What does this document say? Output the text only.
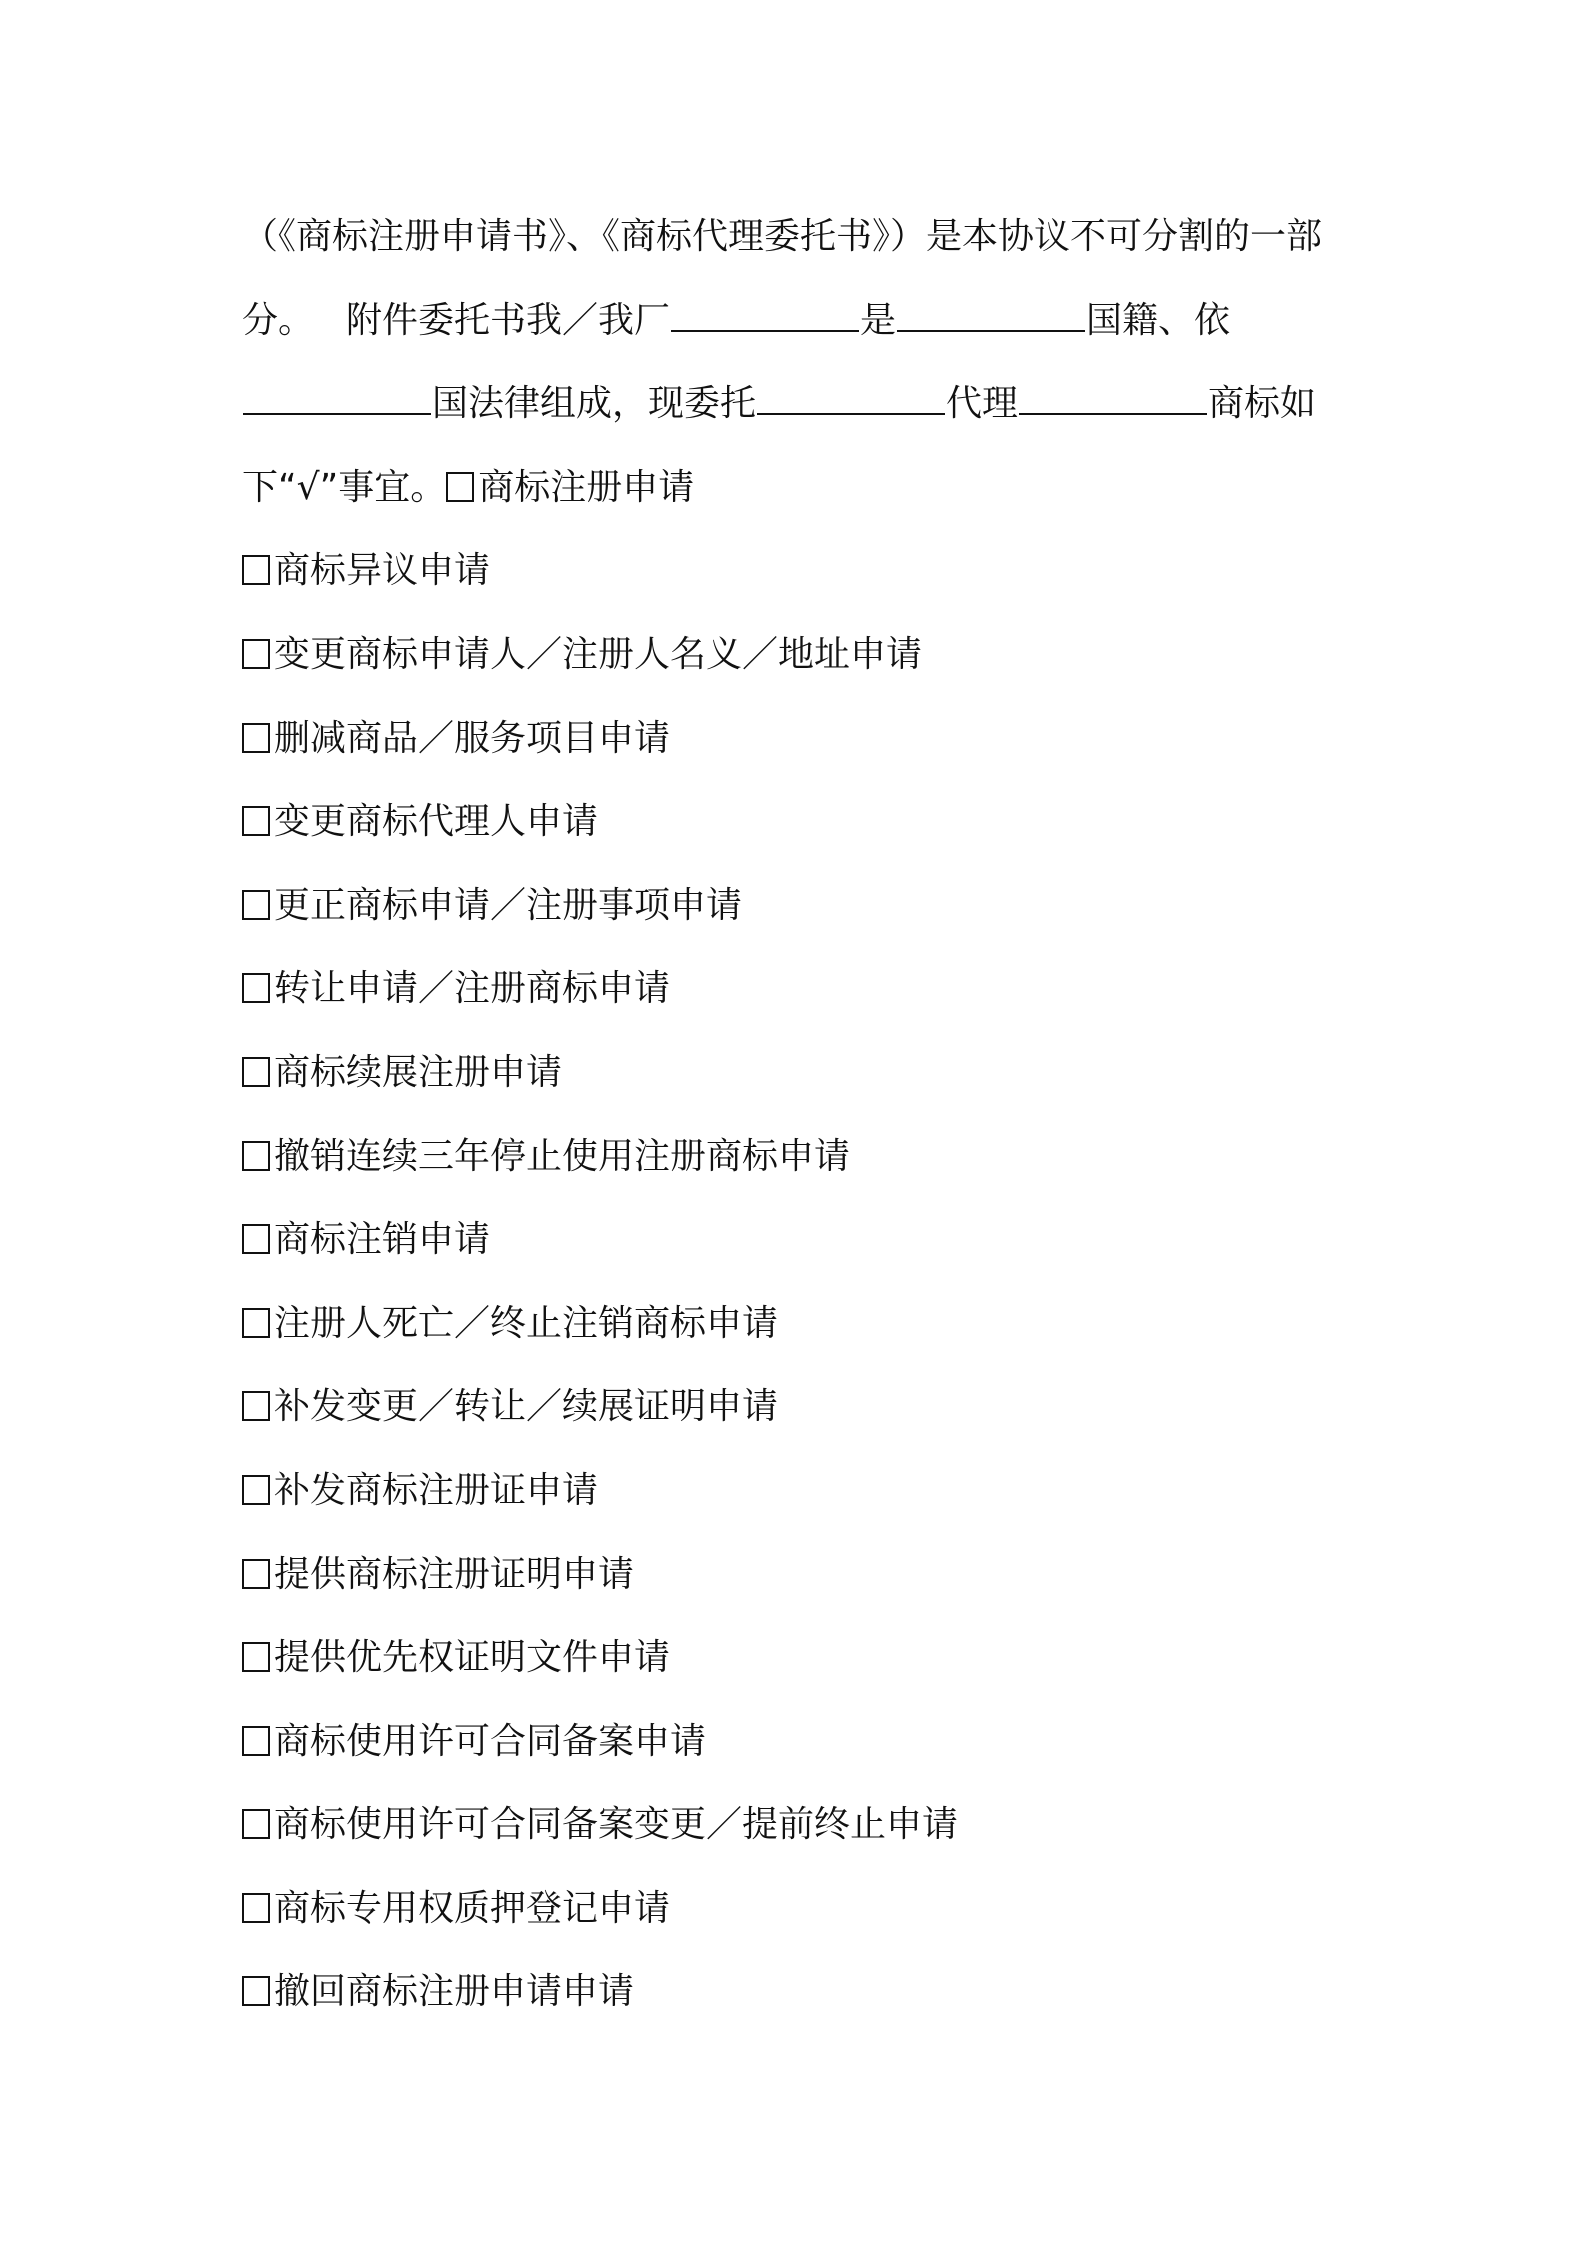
（《商标注册申请书》、《商标代理委托书》）是本协议不可分割的一部
分。 附件委托书我／我厂	是	国籍、依
国法律组成，现委托	代理	商标如
下“√”事宜。 商标注册申请
商标异议申请
变更商标申请人／注册人名义／地址申请
删减商品／服务项目申请
变更商标代理人申请
更正商标申请／注册事项申请
转让申请／注册商标申请
商标续展注册申请
撤销连续三年停止使用注册商标申请
商标注销申请
注册人死亡／终止注销商标申请
补发变更／转让／续展证明申请
补发商标注册证申请
提供商标注册证明申请
提供优先权证明文件申请
商标使用许可合同备案申请
商标使用许可合同备案变更／提前终止申请
商标专用权质押登记申请
撤回商标注册申请申请
